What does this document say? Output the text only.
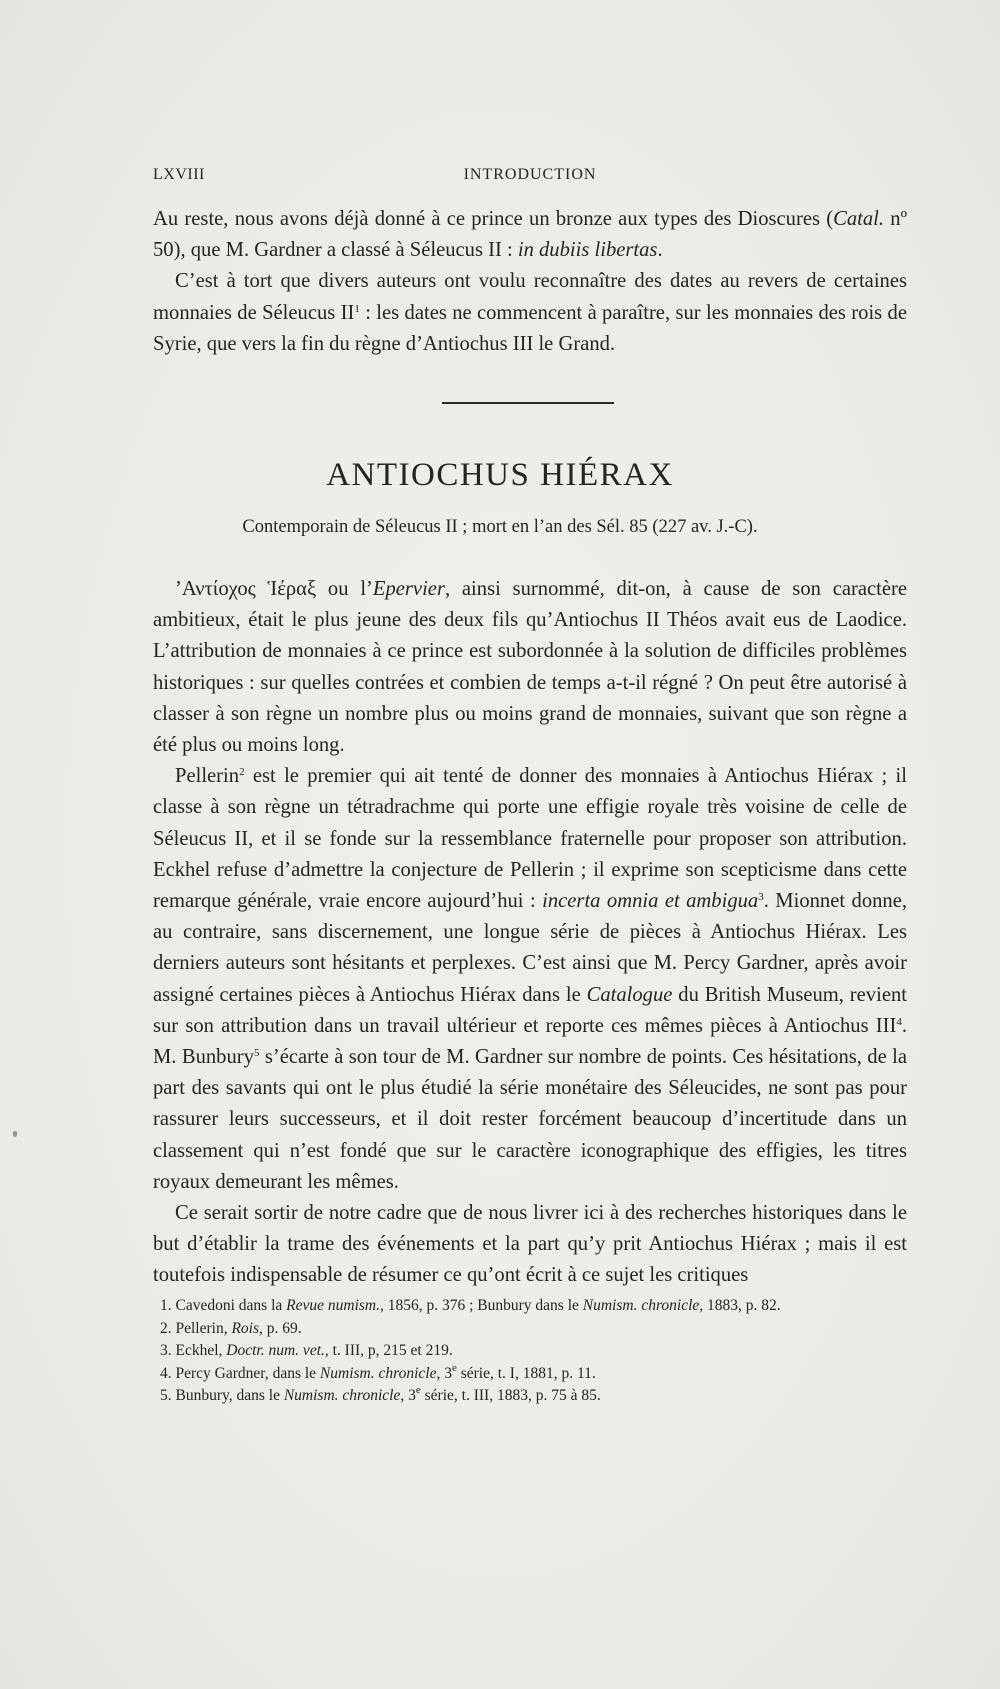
LXVIII	INTRODUCTION

Au reste, nous avons déjà donné à ce prince un bronze aux types des Dioscures (Catal. nº 50), que M. Gardner a classé à Séleucus II : in dubiis libertas.

C’est à tort que divers auteurs ont voulu reconnaître des dates au revers de certaines monnaies de Séleucus $II^1$ : les dates ne commencent à paraître, sur les monnaies des rois de Syrie, que vers la fin du règne d’Antiochus III le Grand.

ANTIOCHUS HIÉRAX
Contemporain de Séleucus II ; mort en l’an des Sél. 85 (227 av. J.-C).

’Αντίοχος Ἱέραξ ou l’Epervier, ainsi surnommé, dit-on, à cause de son caractère ambitieux, était le plus jeune des deux fils qu’Antiochus II Théos avait eus de Laodice. L’attribution de monnaies à ce prince est subordonnée à la solution de difficiles problèmes historiques : sur quelles contrées et combien de temps a-t-il régné ? On peut être autorisé à classer à son règne un nombre plus ou moins grand de monnaies, suivant que son règne a été plus ou moins long.

Pellerin$^2$ est le premier qui ait tenté de donner des monnaies à Antiochus Hiérax ; il classe à son règne un tétradrachme qui porte une effigie royale très voisine de celle de Séleucus II, et il se fonde sur la ressemblance fraternelle pour proposer son attribution. Eckhel refuse d’admettre la conjecture de Pellerin ; il exprime son scepticisme dans cette remarque générale, vraie encore aujourd’hui : incerta omnia et ambigua$^3$. Mionnet donne, au contraire, sans discernement, une longue série de pièces à Antiochus Hiérax. Les derniers auteurs sont hésitants et perplexes. C’est ainsi que M. Percy Gardner, après avoir assigné certaines pièces à Antiochus Hiérax dans le Catalogue du British Museum, revient sur son attribution dans un travail ultérieur et reporte ces mêmes pièces à Antiochus III$^4$. M. Bunbury$^5$ s’écarte à son tour de M. Gardner sur nombre de points. Ces hésitations, de la part des savants qui ont le plus étudié la série monétaire des Séleucides, ne sont pas pour rassurer leurs successeurs, et il doit rester forcément beaucoup d’incertitude dans un classement qui n’est fondé que sur le caractère iconographique des effigies, les titres royaux demeurant les mêmes.

Ce serait sortir de notre cadre que de nous livrer ici à des recherches historiques dans le but d’établir la trame des événements et la part qu’y prit Antiochus Hiérax ; mais il est toutefois indispensable de résumer ce qu’ont écrit à ce sujet les critiques

1. Cavedoni dans la Revue numism., 1856, p. 376 ; Bunbury dans le Numism. chronicle, 1883, p. 82.
2. Pellerin, Rois, p. 69.
3. Eckhel, Doctr. num. vet., t. III, p, 215 et 219.
4. Percy Gardner, dans le Numism. chronicle, 3e série, t. I, 1881, p. 11.
5. Bunbury, dans le Numism. chronicle, 3e série, t. III, 1883, p. 75 à 85.
